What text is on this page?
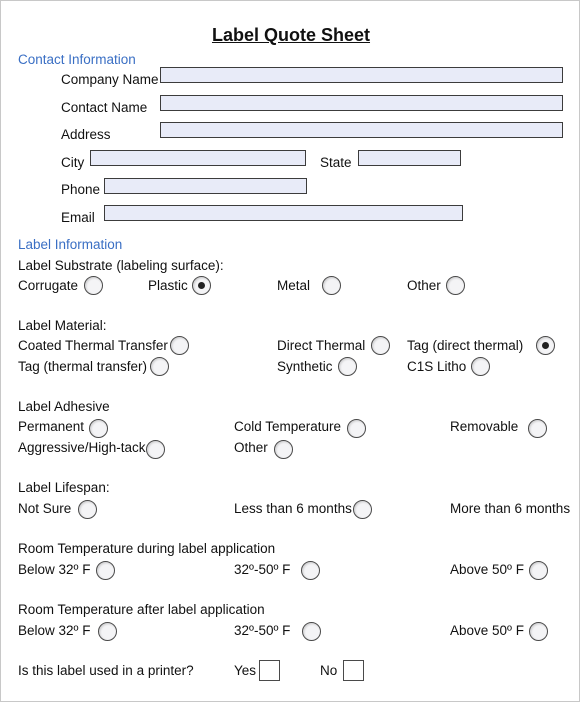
Label Quote Sheet
Contact Information
Company Name
Contact Name
Address
City	State
Phone
Email
Label Information
Label Substrate (labeling surface):
Corrugate	Plastic	Metal	Other
Label Material:
Coated Thermal Transfer	Direct Thermal	Tag (direct thermal)
Tag (thermal transfer)	Synthetic	C1S Litho
Label Adhesive
Permanent	Cold Temperature	Removable
Aggressive/High-tack	Other
Label Lifespan:
Not Sure	Less than 6 months	More than 6 months
Room Temperature during label application
Below 32º F	32º-50º F	Above 50º F
Room Temperature after label application
Below 32º F	32º-50º F	Above 50º F
Is this label used in a printer?	Yes	No
